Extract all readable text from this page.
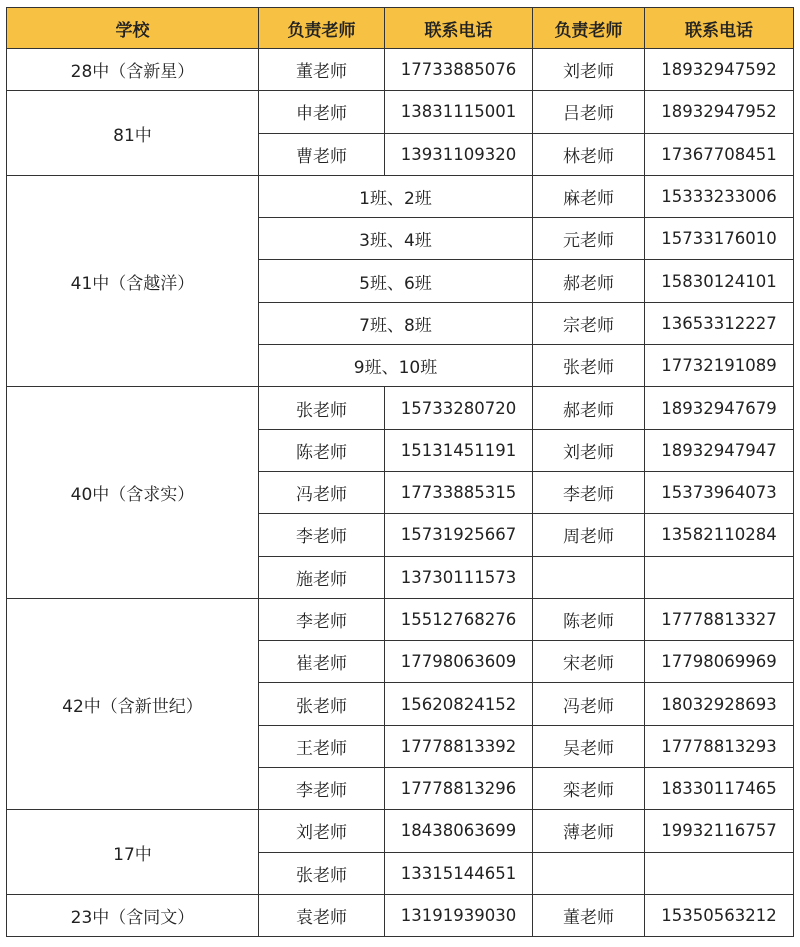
学校	负责老师	联系电话	负责老师	联系电话
28中（含新星）	董老师	17733885076	刘老师	18932947592
81中	申老师	13831115001	吕老师	18932947952
	曹老师	13931109320	林老师	17367708451
41中（含越洋）	1班、2班		麻老师	15333233006
	3班、4班		元老师	15733176010
	5班、6班		郝老师	15830124101
	7班、8班		宗老师	13653312227
	9班、10班		张老师	17732191089
40中（含求实）	张老师	15733280720	郝老师	18932947679
	陈老师	15131451191	刘老师	18932947947
	冯老师	17733885315	李老师	15373964073
	李老师	15731925667	周老师	13582110284
	施老师	13730111573		
42中（含新世纪）	李老师	15512768276	陈老师	17778813327
	崔老师	17798063609	宋老师	17798069969
	张老师	15620824152	冯老师	18032928693
	王老师	17778813392	吴老师	17778813293
	李老师	17778813296	栾老师	18330117465
17中	刘老师	18438063699	薄老师	19932116757
	张老师	13315144651		
23中（含同文）	袁老师	13191939030	董老师	15350563212
